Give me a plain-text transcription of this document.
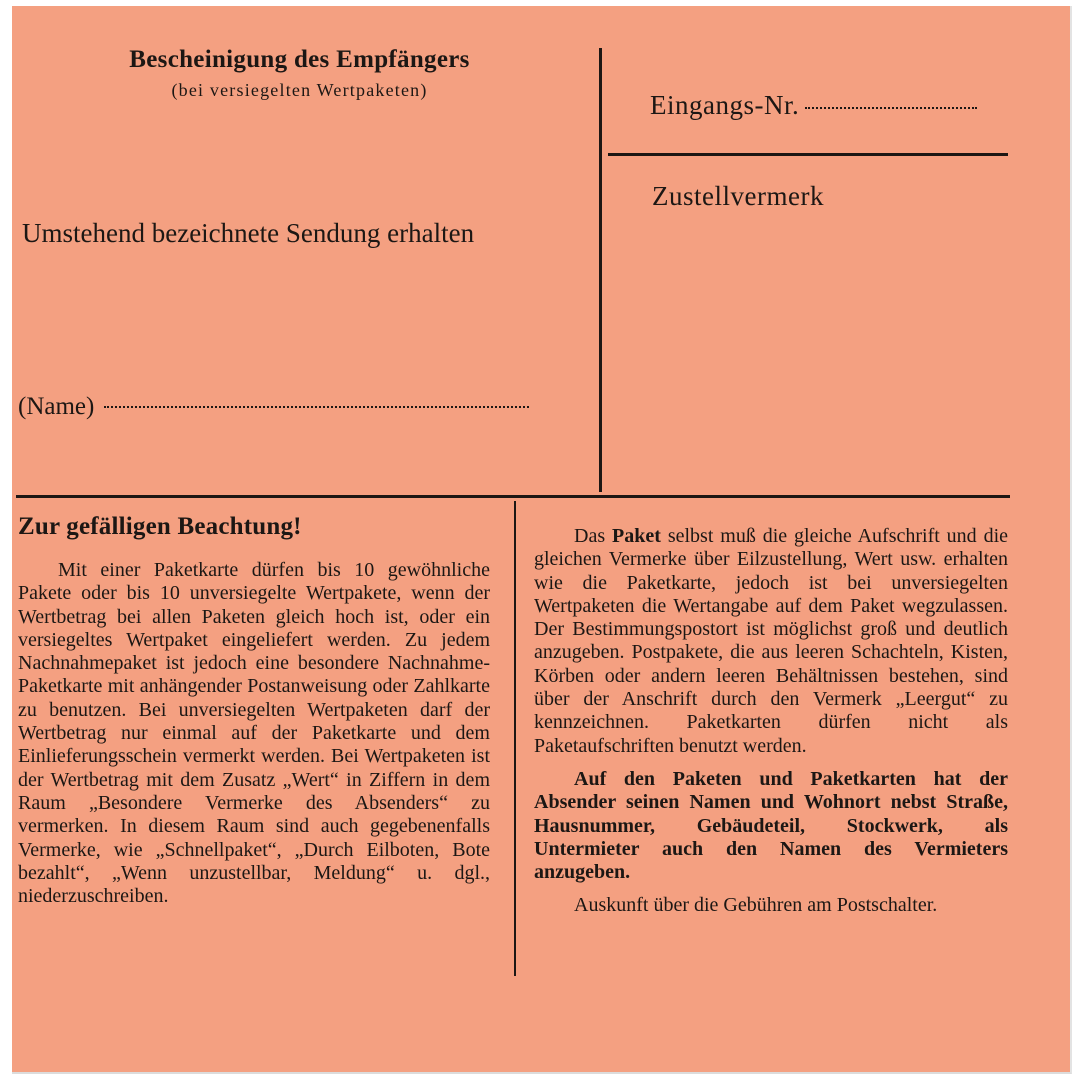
Bescheinigung des Empfängers
(bei versiegelten Wertpaketen)
Umstehend bezeichnete Sendung erhalten
(Name)
Eingangs-Nr.
Zustellvermerk
Zur gefälligen Beachtung!
Mit einer Paketkarte dürfen bis 10 gewöhnliche Pakete oder bis 10 unversiegelte Wertpakete, wenn der Wertbetrag bei allen Paketen gleich hoch ist, oder ein versiegeltes Wertpaket eingeliefert werden. Zu jedem Nachnahmepaket ist jedoch eine besondere Nachnahme-Paketkarte mit anhängender Postanweisung oder Zahlkarte zu benutzen. Bei unversiegelten Wertpaketen darf der Wertbetrag nur einmal auf der Paketkarte und dem Einlieferungsschein vermerkt werden. Bei Wertpaketen ist der Wertbetrag mit dem Zusatz „Wert“ in Ziffern in dem Raum „Besondere Vermerke des Absenders“ zu vermerken. In diesem Raum sind auch gegebenenfalls Vermerke, wie „Schnellpaket“, „Durch Eilboten, Bote bezahlt“, „Wenn unzustellbar, Meldung“ u. dgl., niederzuschreiben.
Das Paket selbst muß die gleiche Aufschrift und die gleichen Vermerke über Eilzustellung, Wert usw. erhalten wie die Paketkarte, jedoch ist bei unversiegelten Wertpaketen die Wertangabe auf dem Paket wegzulassen. Der Bestimmungspostort ist möglichst groß und deutlich anzugeben. Postpakete, die aus leeren Schachteln, Kisten, Körben oder andern leeren Behältnissen bestehen, sind über der Anschrift durch den Vermerk „Leergut“ zu kennzeichnen. Paketkarten dürfen nicht als Paketaufschriften benutzt werden.
Auf den Paketen und Paketkarten hat der Absender seinen Namen und Wohnort nebst Straße, Hausnummer, Gebäudeteil, Stockwerk, als Untermieter auch den Namen des Vermieters anzugeben.
Auskunft über die Gebühren am Postschalter.
